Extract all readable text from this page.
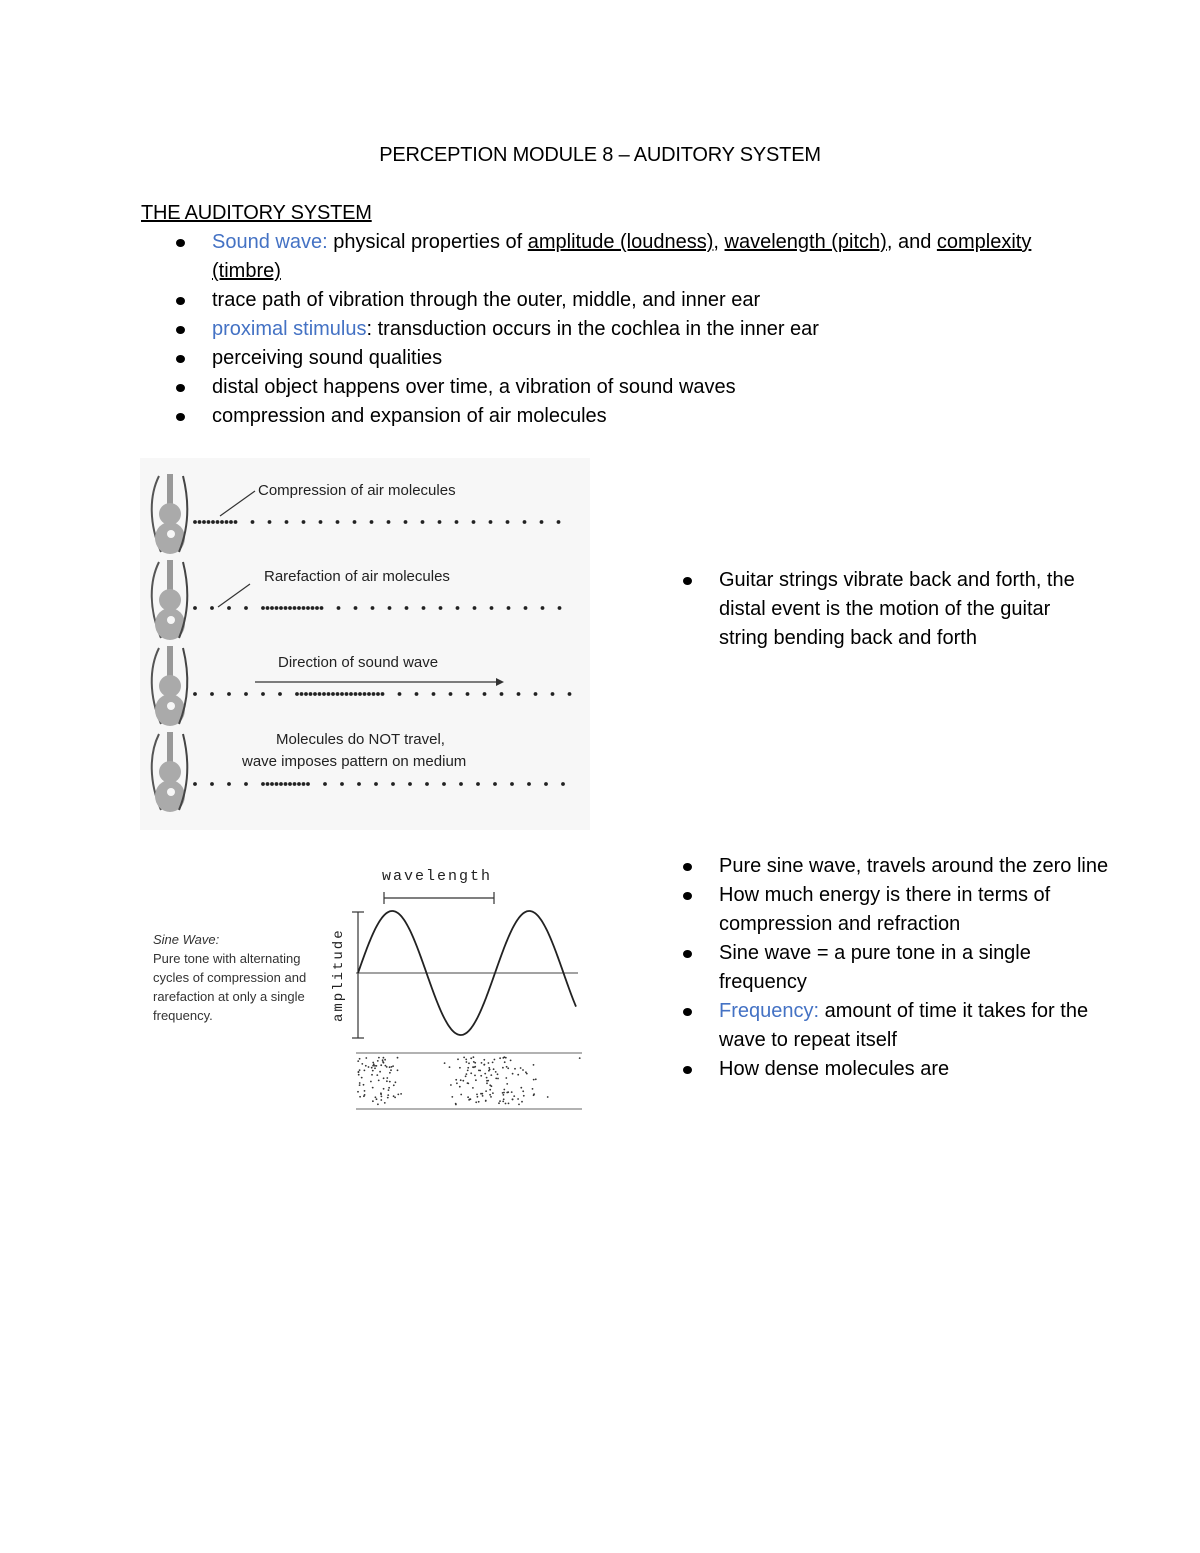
PERCEPTION MODULE 8 – AUDITORY SYSTEM
THE AUDITORY SYSTEM
Sound wave: physical properties of amplitude (loudness), wavelength (pitch), and complexity (timbre)
trace path of vibration through the outer, middle, and inner ear
proximal stimulus: transduction occurs in the cochlea in the inner ear
perceiving sound qualities
distal object happens over time, a vibration of sound waves
compression and expansion of air molecules
Compression of air molecules
Rarefaction of air molecules
Direction of sound wave
Molecules do NOT travel,
wave imposes pattern on medium
Guitar strings vibrate back and forth, the distal event is the motion of the guitar string bending back and forth
Sine Wave:
Pure tone with alternating cycles of compression and rarefaction at only a single frequency.
wavelength
amplitude
Pure sine wave, travels around the zero line
How much energy is there in terms of compression and refraction
Sine wave = a pure tone in a single frequency
Frequency: amount of time it takes for the wave to repeat itself
How dense molecules are
